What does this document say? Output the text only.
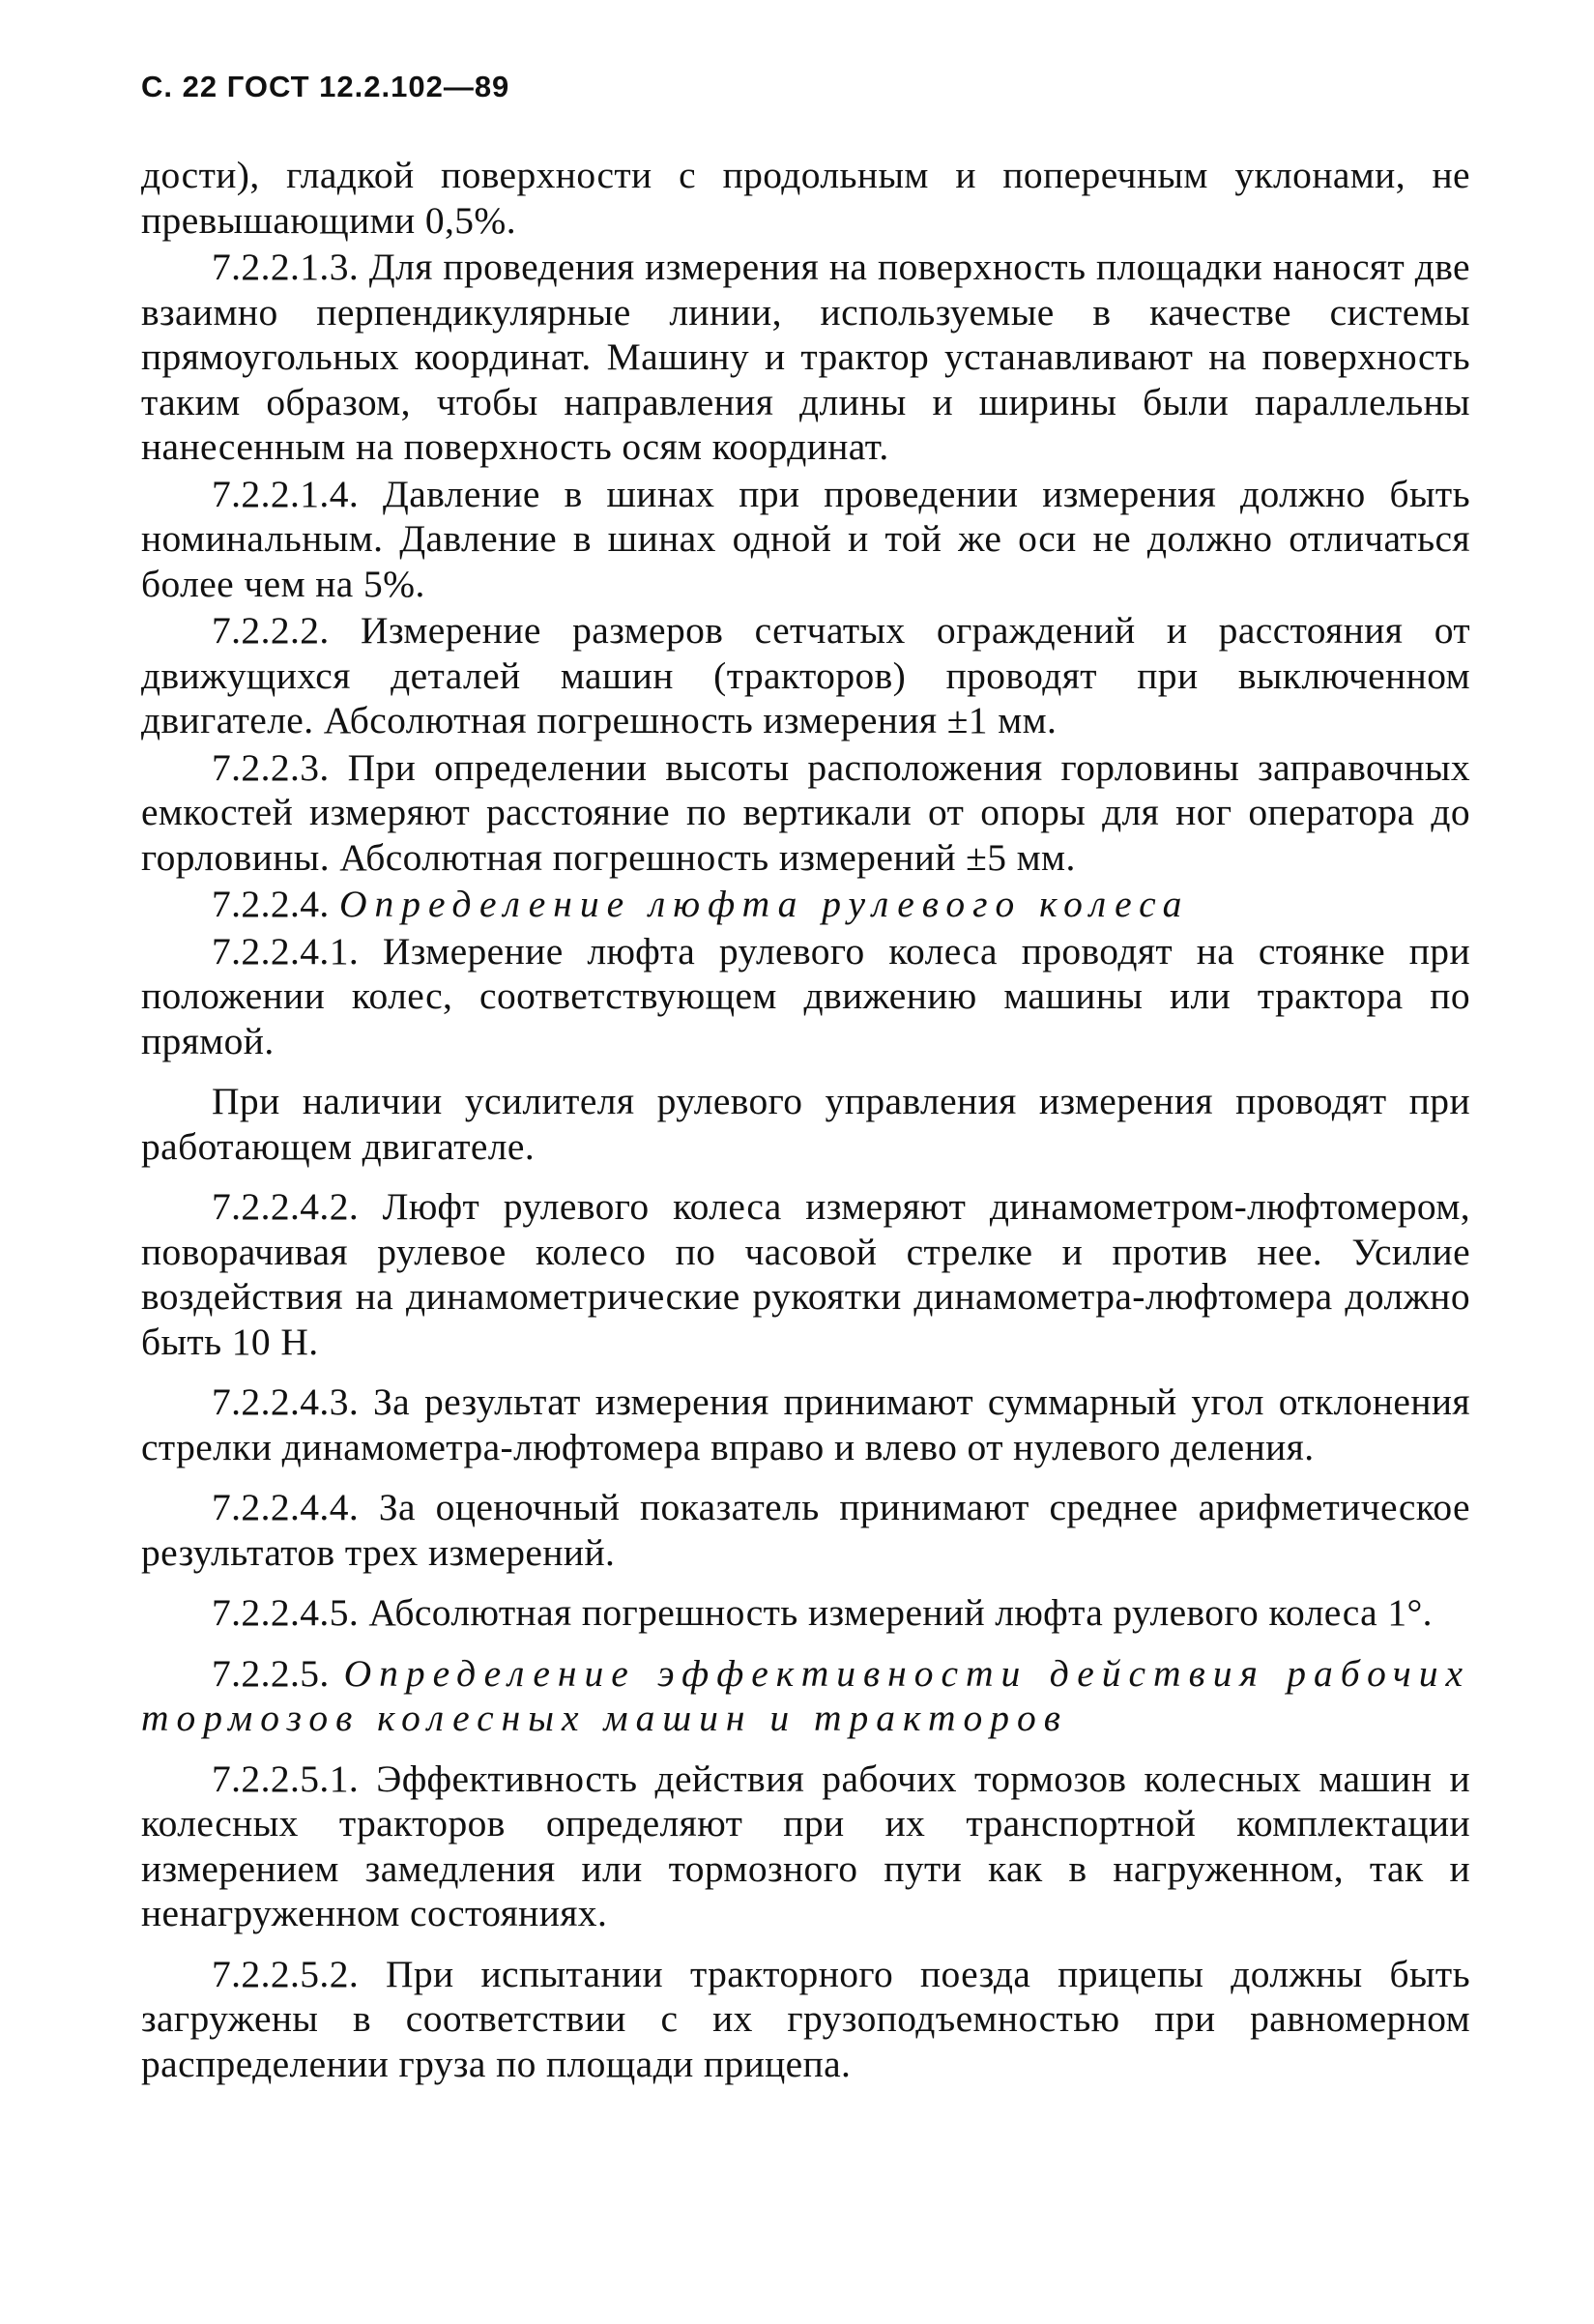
С. 22 ГОСТ 12.2.102—89

дости), гладкой поверхности с продольным и поперечным уклонами, не превышающими 0,5%.

7.2.2.1.3. Для проведения измерения на поверхность площадки наносят две взаимно перпендикулярные линии, используемые в качестве системы прямоугольных координат. Машину и трактор устанавливают на поверхность таким образом, чтобы направления длины и ширины были параллельны нанесенным на поверхность осям координат.

7.2.2.1.4. Давление в шинах при проведении измерения должно быть номинальным. Давление в шинах одной и той же оси не должно отличаться более чем на 5%.

7.2.2.2. Измерение размеров сетчатых ограждений и расстояния от движущихся деталей машин (тракторов) проводят при выключенном двигателе. Абсолютная погрешность измерения ±1 мм.

7.2.2.3. При определении высоты расположения горловины заправочных емкостей измеряют расстояние по вертикали от опоры для ног оператора до горловины. Абсолютная погрешность измерений ±5 мм.

7.2.2.4. Определение люфта рулевого колеса

7.2.2.4.1. Измерение люфта рулевого колеса проводят на стоянке при положении колес, соответствующем движению машины или трактора по прямой.

При наличии усилителя рулевого управления измерения проводят при работающем двигателе.

7.2.2.4.2. Люфт рулевого колеса измеряют динамометром-люфтомером, поворачивая рулевое колесо по часовой стрелке и против нее. Усилие воздействия на динамометрические рукоятки динамометра-люфтомера должно быть 10 Н.

7.2.2.4.3. За результат измерения принимают суммарный угол отклонения стрелки динамометра-люфтомера вправо и влево от нулевого деления.

7.2.2.4.4. За оценочный показатель принимают среднее арифметическое результатов трех измерений.

7.2.2.4.5. Абсолютная погрешность измерений люфта рулевого колеса 1°.

7.2.2.5. Определение эффективности действия рабочих тормозов колесных машин и тракторов

7.2.2.5.1. Эффективность действия рабочих тормозов колесных машин и колесных тракторов определяют при их транспортной комплектации измерением замедления или тормозного пути как в нагруженном, так и ненагруженном состояниях.

7.2.2.5.2. При испытании тракторного поезда прицепы должны быть загружены в соответствии с их грузоподъемностью при равномерном распределении груза по площади прицепа.
